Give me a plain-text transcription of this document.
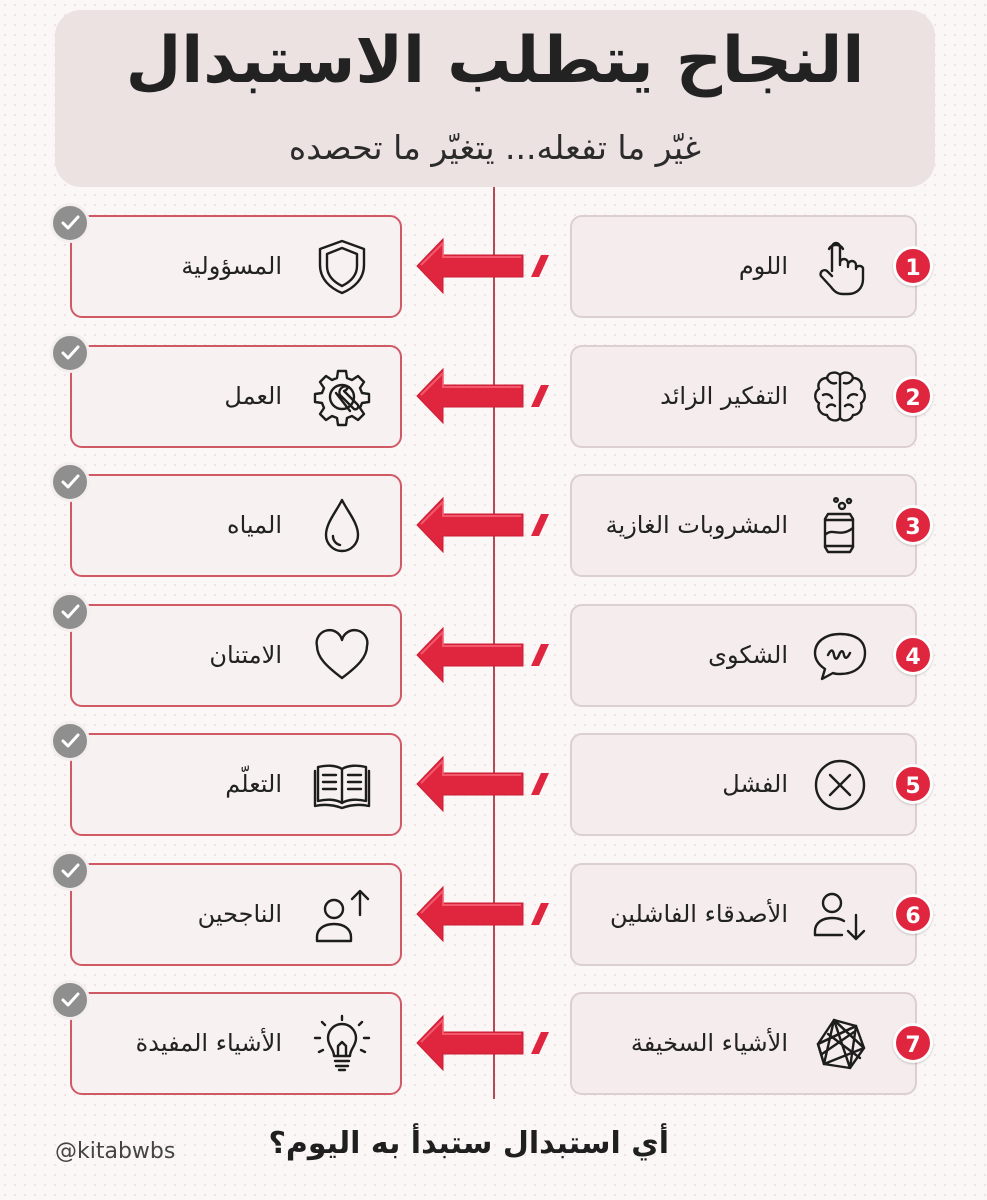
النجاح يتطلب الاستبدال
غيّر ما تفعله... يتغيّر ما تحصده
المسؤولية	اللوم	1
العمل	التفكير الزائد	2
المياه	المشروبات الغازية	3
الامتنان	الشكوى	4
التعلّم	الفشل	5
الناجحين	الأصدقاء الفاشلين	6
الأشياء المفيدة	الأشياء السخيفة	7
أي استبدال ستبدأ به اليوم؟
@kitabwbs
